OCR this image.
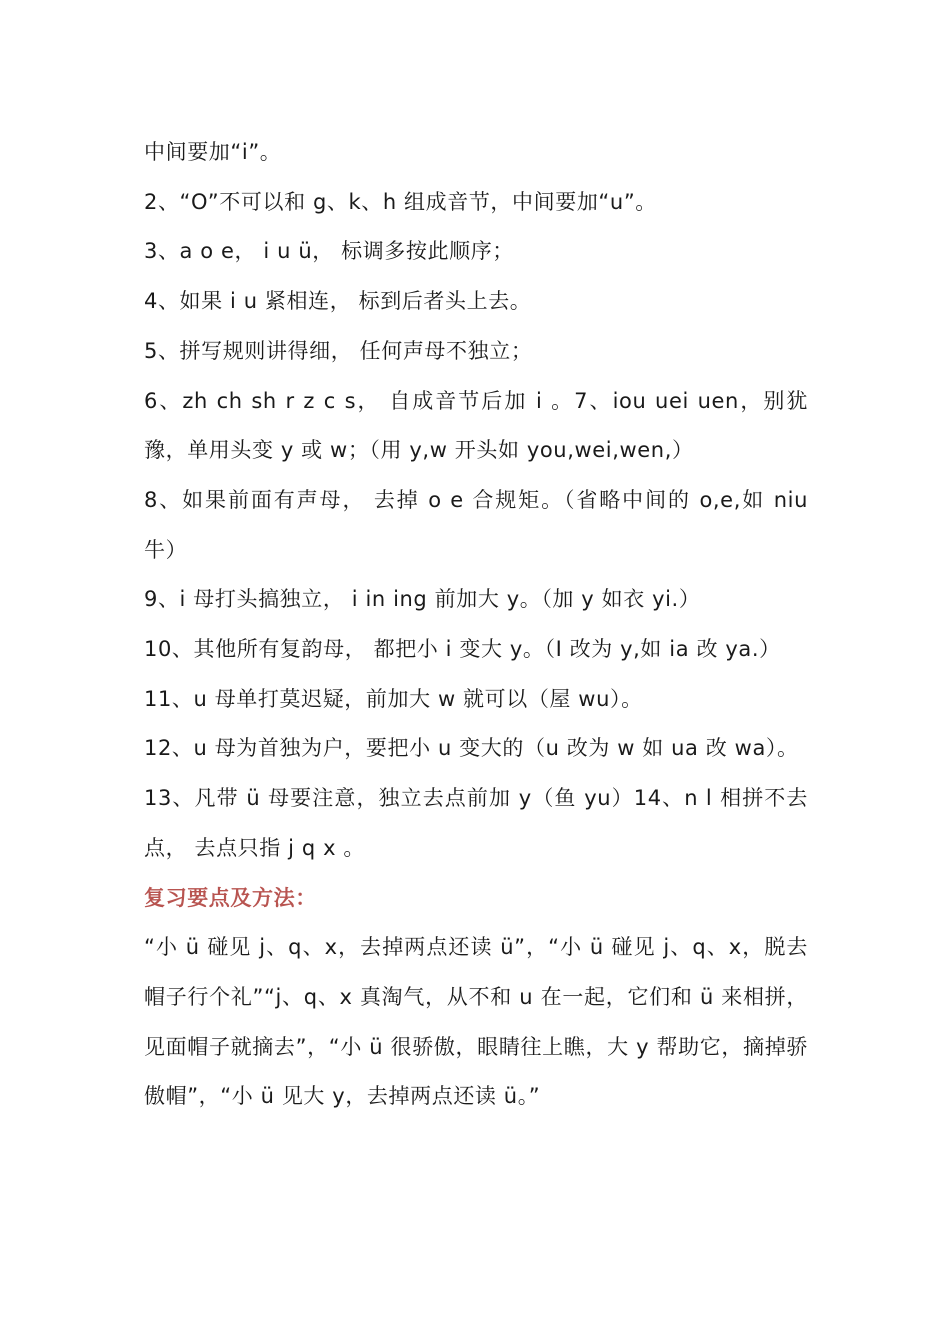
中间要加“i”。

2、“O”不可以和 g、k、h 组成音节，中间要加“u”。

3、a o e， i u ü， 标调多按此顺序；

4、如果 i u 紧相连， 标到后者头上去。

5、拼写规则讲得细， 任何声母不独立；

6、zh ch sh r z c s， 自成音节后加 i 。7、iou uei uen，别犹豫，单用头变 y 或 w；（用 y,w 开头如 you,wei,wen,）

8、如果前面有声母， 去掉 o e 合规矩。（省略中间的 o,e,如 niu 牛）

9、i 母打头搞独立， i in ing 前加大 y。（加 y 如衣 yi.）

10、其他所有复韵母， 都把小 i 变大 y。（I 改为 y,如 ia 改 ya.）

11、u 母单打莫迟疑，前加大 w 就可以（屋 wu）。

12、u 母为首独为户，要把小 u 变大的（u 改为 w 如 ua 改 wa）。

13、凡带 ü 母要注意，独立去点前加 y（鱼 yu）14、n l 相拼不去点， 去点只指 j q x 。

复习要点及方法：

“小 ü 碰见 j、q、x，去掉两点还读 ü”，“小 ü 碰见 j、q、x，脱去帽子行个礼”“j、q、x 真淘气，从不和 u 在一起，它们和 ü 来相拼，见面帽子就摘去”，“小 ü 很骄傲，眼睛往上瞧，大 y 帮助它，摘掉骄傲帽”，“小 ü 见大 y，去掉两点还读 ü。”
